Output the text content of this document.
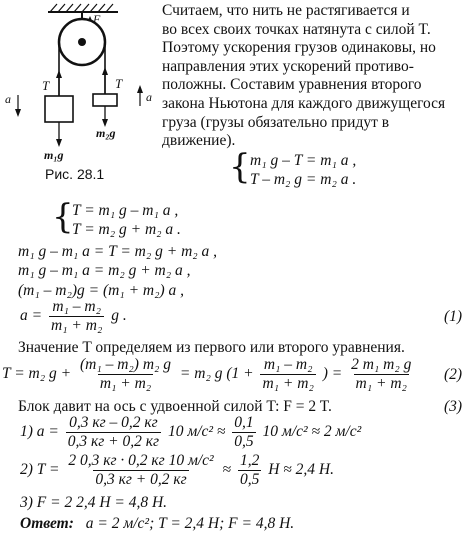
F
T	T
a	a
m₁g
m₂g
Рис. 28.1
Считаем, что нить не растягивается и
во всех своих точках натянута с силой T.
Поэтому ускорения грузов одинаковы, но
направления этих ускорений противо-
положны. Составим уравнения второго
закона Ньютона для каждого движущегося
груза (грузы обязательно придут в
движение).
{ m₁ g – T = m₁ a ,
T – m₂ g = m₂ a .
{
T = m₁ g – m₁ a ,
T = m₂ g + m₂ a .
m₁ g – m₁ a = T = m₂ g + m₂ a ,
m₁ g – m₁ a = m₂ g + m₂ a ,
(m₁ – m₂)g = (m₁ + m₂) a ,
$a = \frac{\text{m₁ – m₂}}{\text{m₁ + m₂}}$ g .	(1)
Значение T определяем из первого или второго уравнения.
T = m₂ $g + \frac{\text{(m₁ – m₂) m₂ g}}{\text{m₁ + m₂}} = m_2$ g ($1 + \frac{\text{m₁ – m₂}}{\text{m₁ + m₂}}$ ) = $\frac{\text{2 m₁ m₂ g}}{\text{m₁ + m₂}} (2)$
Блок давит на ось с удвоенной силой T: F = 2 T.	(3)
1) $a = \frac{0,3 кг - 0,2 кг}{0,3 кг + 0,2 кг} 10$ $м/с^2 \approx \frac{0,1}{0,5} 10$ м/с² ≈ 2 м/с²
2) $T = \frac{\text{2 0,3 кг · 0,2 кг 10 м/с²}}{0,3 кг + 0,2 кг} \approx \frac{1,2}{0,5}$ Н ≈ 2,4 Н.
3) F = 2 2,4 Н = 4,8 Н.
Ответ: a = 2 м/с²; T = 2,4 Н; F = 4,8 Н.
